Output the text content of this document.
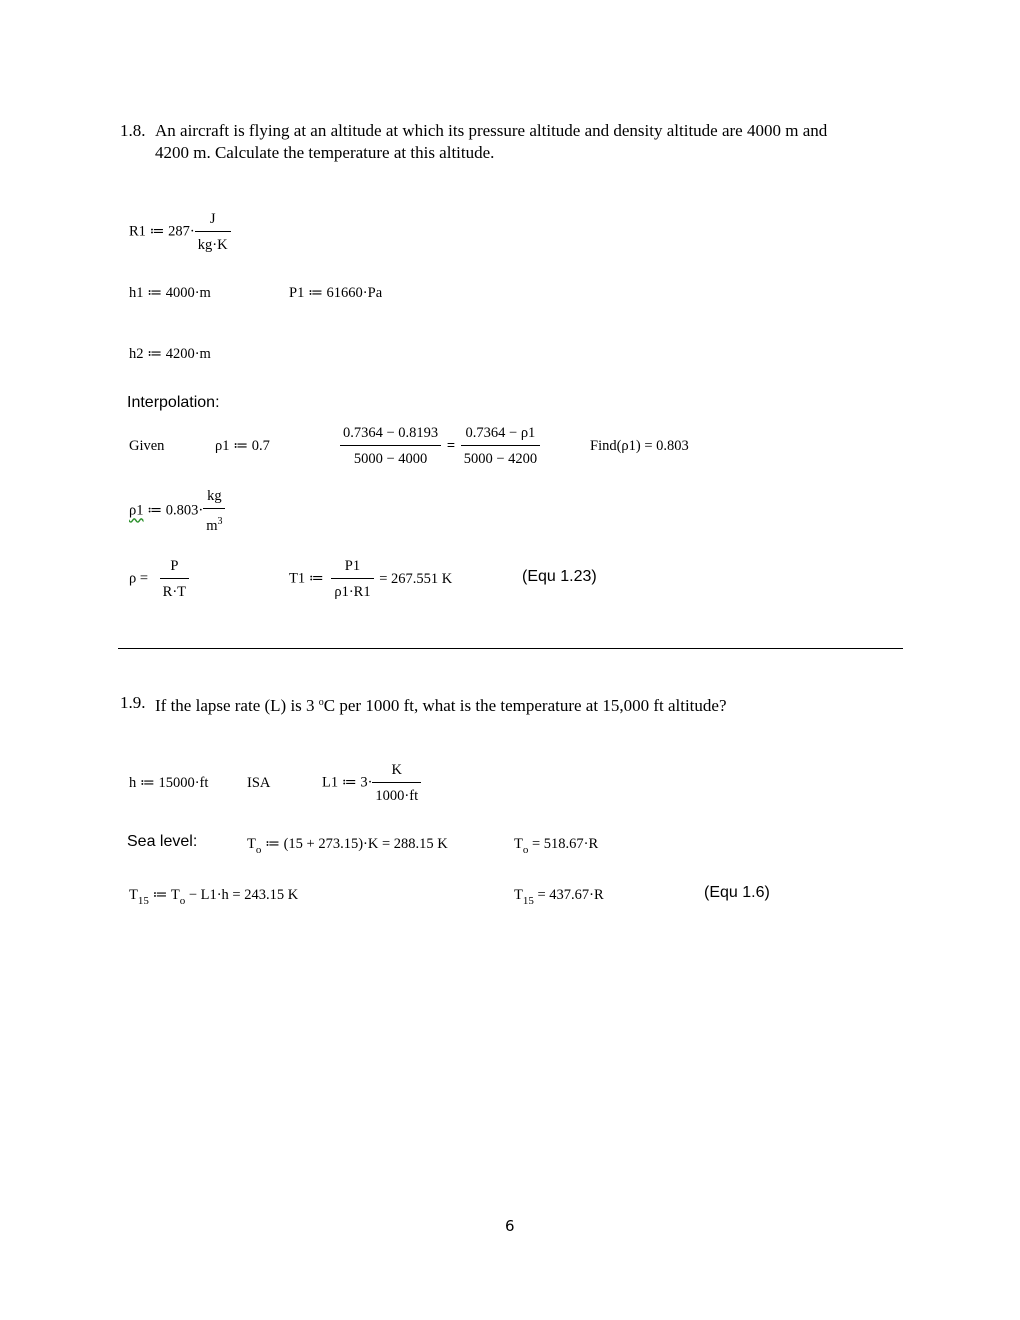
1.8. An aircraft is flying at an altitude at which its pressure altitude and density altitude are 4000 m and
4200 m. Calculate the temperature at this altitude.
R1 ≔ $287\cdot \frac{J}{kg\cdot K}$
h1 ≔ 4000·m	P1 ≔ 61660·Pa
h2 ≔ 4200·m
Interpolation:
Given	ρ1 ≔ 0.7	$\frac{0.7364 - 0.8193}{5000 - 4000} = \frac{0.7364 - \rho 1}{5000 - 4200}$	Find(ρ1) = 0.803
ρ1 ≔ $0.803\cdot \frac{kg}{m^3}$
$\rho = \frac{P}{R\cdot T}$	T1 ≔ $\frac{P1}{\rho 1\cdot R1} = 267.551$ K	(Equ 1.23)
1.9. If the lapse rate (L) is 3 $^o$C per 1000 ft, what is the temperature at 15,000 ft altitude?
h ≔ 15000·ft	ISA	L1 ≔ $3\cdot \frac{K}{1000\cdot ft}$
Sea level:	$T_o$ ≔ (15 + 273.15)·K = 288.15 K	$T_o = 518.67\cdot R$
$T_{15}$ ≔ $T_o - L1\cdot h = 243.15$ K	$T_{15} = 437.67\cdot R$	(Equ 1.6)
6
